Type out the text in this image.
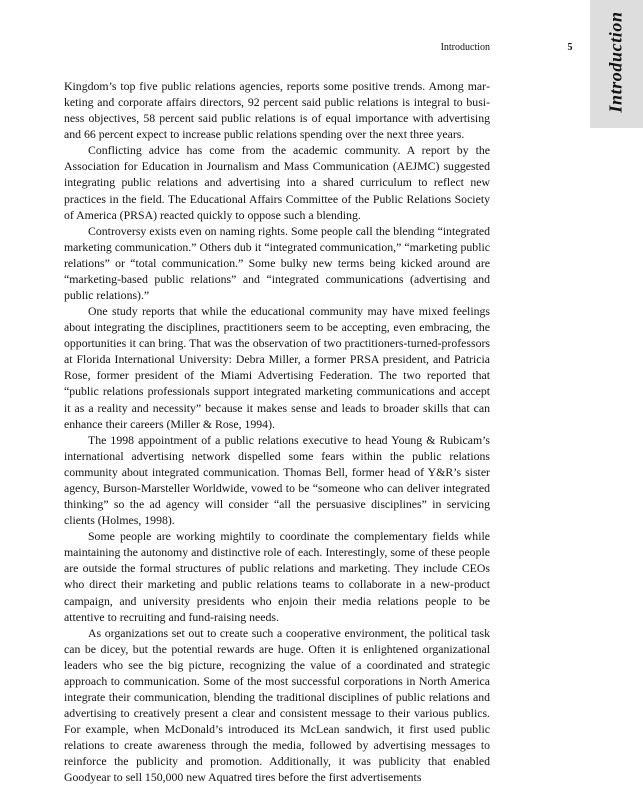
Introduction
Introduction	5

Kingdom’s top five public relations agencies, reports some positive trends. Among marketing and corporate affairs directors, 92 percent said public relations is integral to business objectives, 58 percent said public relations is of equal importance with advertising and 66 percent expect to increase public relations spending over the next three years.

Conflicting advice has come from the academic community. A report by the Association for Education in Journalism and Mass Communication (AEJMC) suggested integrating public relations and advertising into a shared curriculum to reflect new practices in the field. The Educational Affairs Committee of the Public Relations Society of America (PRSA) reacted quickly to oppose such a blending.

Controversy exists even on naming rights. Some people call the blending “integrated marketing communication.” Others dub it “integrated communication,” “marketing public relations” or “total communication.” Some bulky new terms being kicked around are “marketing-based public relations” and “integrated communications (advertising and public relations).”

One study reports that while the educational community may have mixed feelings about integrating the disciplines, practitioners seem to be accepting, even embracing, the opportunities it can bring. That was the observation of two practitioners-turned-professors at Florida International University: Debra Miller, a former PRSA president, and Patricia Rose, former president of the Miami Advertising Federation. The two reported that “public relations professionals support integrated marketing communications and accept it as a reality and necessity” because it makes sense and leads to broader skills that can enhance their careers (Miller & Rose, 1994).

The 1998 appointment of a public relations executive to head Young & Rubicam’s international advertising network dispelled some fears within the public relations community about integrated communication. Thomas Bell, former head of Y&R’s sister agency, Burson-Marsteller Worldwide, vowed to be “someone who can deliver integrated thinking” so the ad agency will consider “all the persuasive disciplines” in servicing clients (Holmes, 1998).

Some people are working mightily to coordinate the complementary fields while maintaining the autonomy and distinctive role of each. Interestingly, some of these people are outside the formal structures of public relations and marketing. They include CEOs who direct their marketing and public relations teams to collaborate in a new-product campaign, and university presidents who enjoin their media relations people to be attentive to recruiting and fund-raising needs.

As organizations set out to create such a cooperative environment, the political task can be dicey, but the potential rewards are huge. Often it is enlightened organizational leaders who see the big picture, recognizing the value of a coordinated and strategic approach to communication. Some of the most successful corporations in North America integrate their communication, blending the traditional disciplines of public relations and advertising to creatively present a clear and consistent message to their various publics. For example, when McDonald’s introduced its McLean sandwich, it first used public relations to create awareness through the media, followed by advertising messages to reinforce the publicity and promotion. Additionally, it was publicity that enabled Goodyear to sell 150,000 new Aquatred tires before the first advertisements
